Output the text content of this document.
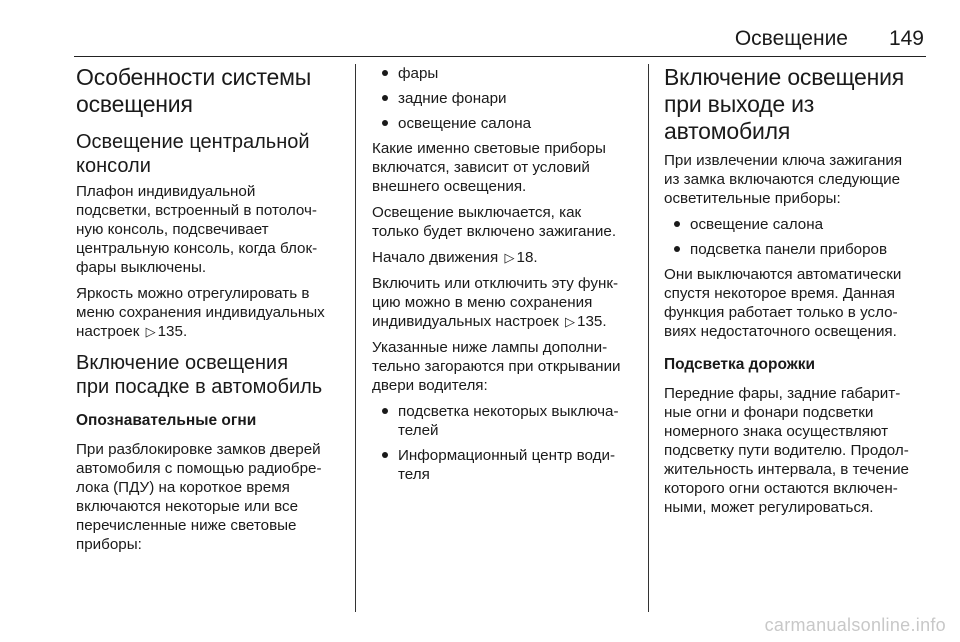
Освещение 149
Особенности системы
освещения
Освещение центральной
консоли

Плафон индивидуальной
подсветки, встроенный в потолоч-
ную консоль, подсвечивает
центральную консоль, когда блок-
фары выключены.

Яркость можно отрегулировать в
меню сохранения индивидуальных
настроек ▷ 135.

Включение освещения
при посадке в автомобиль
Опознавательные огни

При разблокировке замков дверей
автомобиля с помощью радиобре-
лока (ПДУ) на короткое время
включаются некоторые или все
перечисленные ниже световые
приборы:

фары
задние фонари
освещение салона

Какие именно световые приборы
включатся, зависит от условий
внешнего освещения.

Освещение выключается, как
только будет включено зажигание.

Начало движения ▷ 18.

Включить или отключить эту функ-
цию можно в меню сохранения
индивидуальных настроек ▷ 135.

Указанные ниже лампы дополни-
тельно загораются при открывании
двери водителя:

подсветка некоторых выключа-
телей
Информационный центр води-
теля
Включение освещения
при выходе из автомобиля

При извлечении ключа зажигания
из замка включаются следующие
осветительные приборы:

освещение салона
подсветка панели приборов

Они выключаются автоматически
спустя некоторое время. Данная
функция работает только в усло-
виях недостаточного освещения.

Подсветка дорожки

Передние фары, задние габарит-
ные огни и фонари подсветки
номерного знака осуществляют
подсветку пути водителю. Продол-
жительность интервала, в течение
которого огни остаются включен-
ными, может регулироваться.

carmanualsonline.info
